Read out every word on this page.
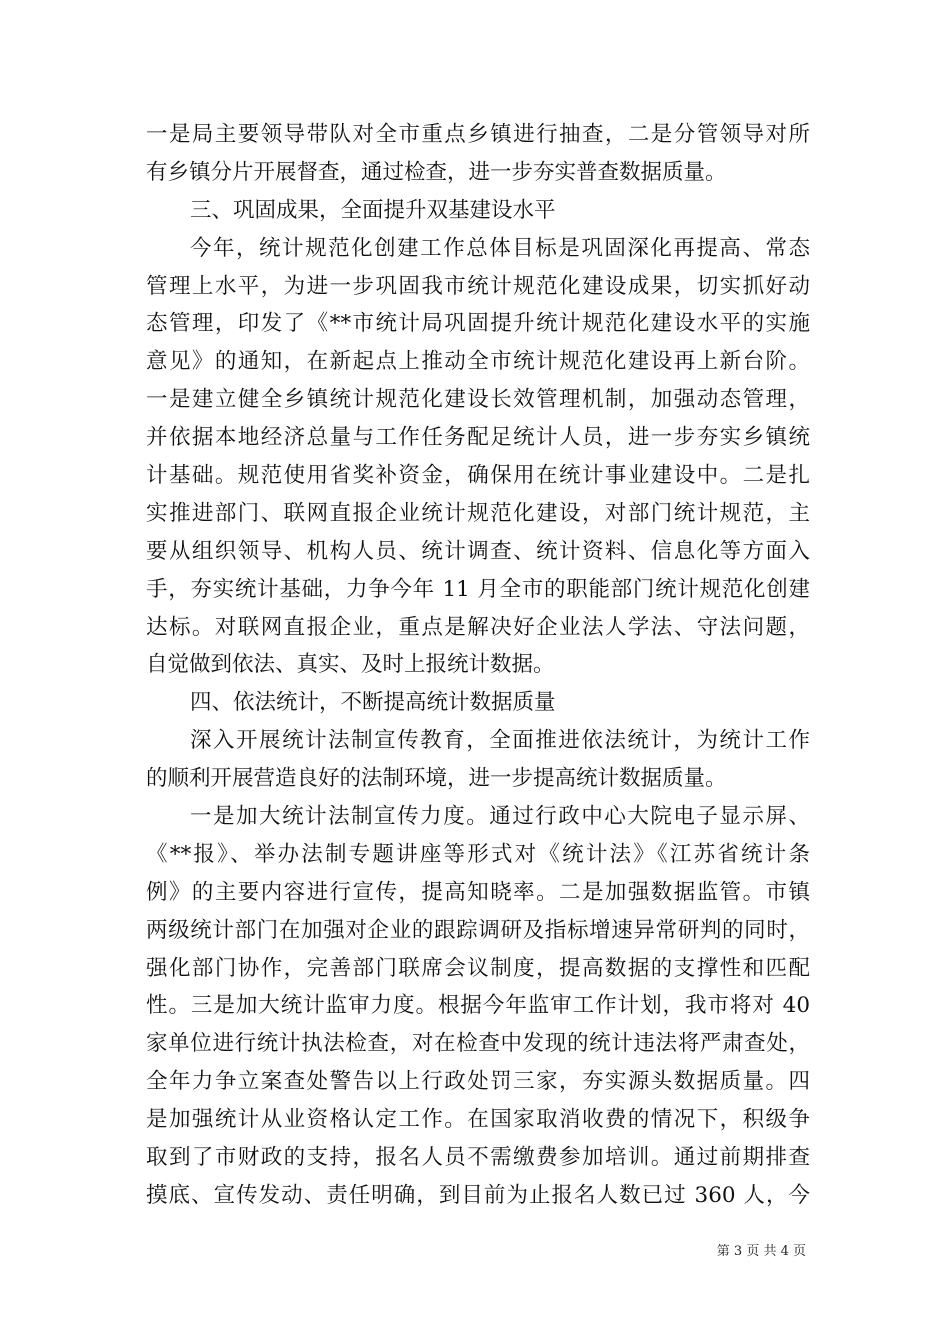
一是局主要领导带队对全市重点乡镇进行抽查，二是分管领导对所
有乡镇分片开展督查，通过检查，进一步夯实普查数据质量。
三、巩固成果，全面提升双基建设水平
今年，统计规范化创建工作总体目标是巩固深化再提高、常态
管理上水平，为进一步巩固我市统计规范化建设成果，切实抓好动
态管理，印发了《**市统计局巩固提升统计规范化建设水平的实施
意见》的通知，在新起点上推动全市统计规范化建设再上新台阶。
一是建立健全乡镇统计规范化建设长效管理机制，加强动态管理，
并依据本地经济总量与工作任务配足统计人员，进一步夯实乡镇统
计基础。规范使用省奖补资金，确保用在统计事业建设中。二是扎
实推进部门、联网直报企业统计规范化建设，对部门统计规范，主
要从组织领导、机构人员、统计调查、统计资料、信息化等方面入
手，夯实统计基础，力争今年 11 月全市的职能部门统计规范化创建
达标。对联网直报企业，重点是解决好企业法人学法、守法问题，
自觉做到依法、真实、及时上报统计数据。
四、依法统计，不断提高统计数据质量
深入开展统计法制宣传教育，全面推进依法统计，为统计工作
的顺利开展营造良好的法制环境，进一步提高统计数据质量。
一是加大统计法制宣传力度。通过行政中心大院电子显示屏、
《**报》、举办法制专题讲座等形式对《统计法》《江苏省统计条
例》的主要内容进行宣传，提高知晓率。二是加强数据监管。市镇
两级统计部门在加强对企业的跟踪调研及指标增速异常研判的同时，
强化部门协作，完善部门联席会议制度，提高数据的支撑性和匹配
性。三是加大统计监审力度。根据今年监审工作计划，我市将对 40
家单位进行统计执法检查，对在检查中发现的统计违法将严肃查处，
全年力争立案查处警告以上行政处罚三家，夯实源头数据质量。四
是加强统计从业资格认定工作。在国家取消收费的情况下，积级争
取到了市财政的支持，报名人员不需缴费参加培训。通过前期排查
摸底、宣传发动、责任明确，到目前为止报名人数已过 360 人，今
第 3 页 共 4 页
